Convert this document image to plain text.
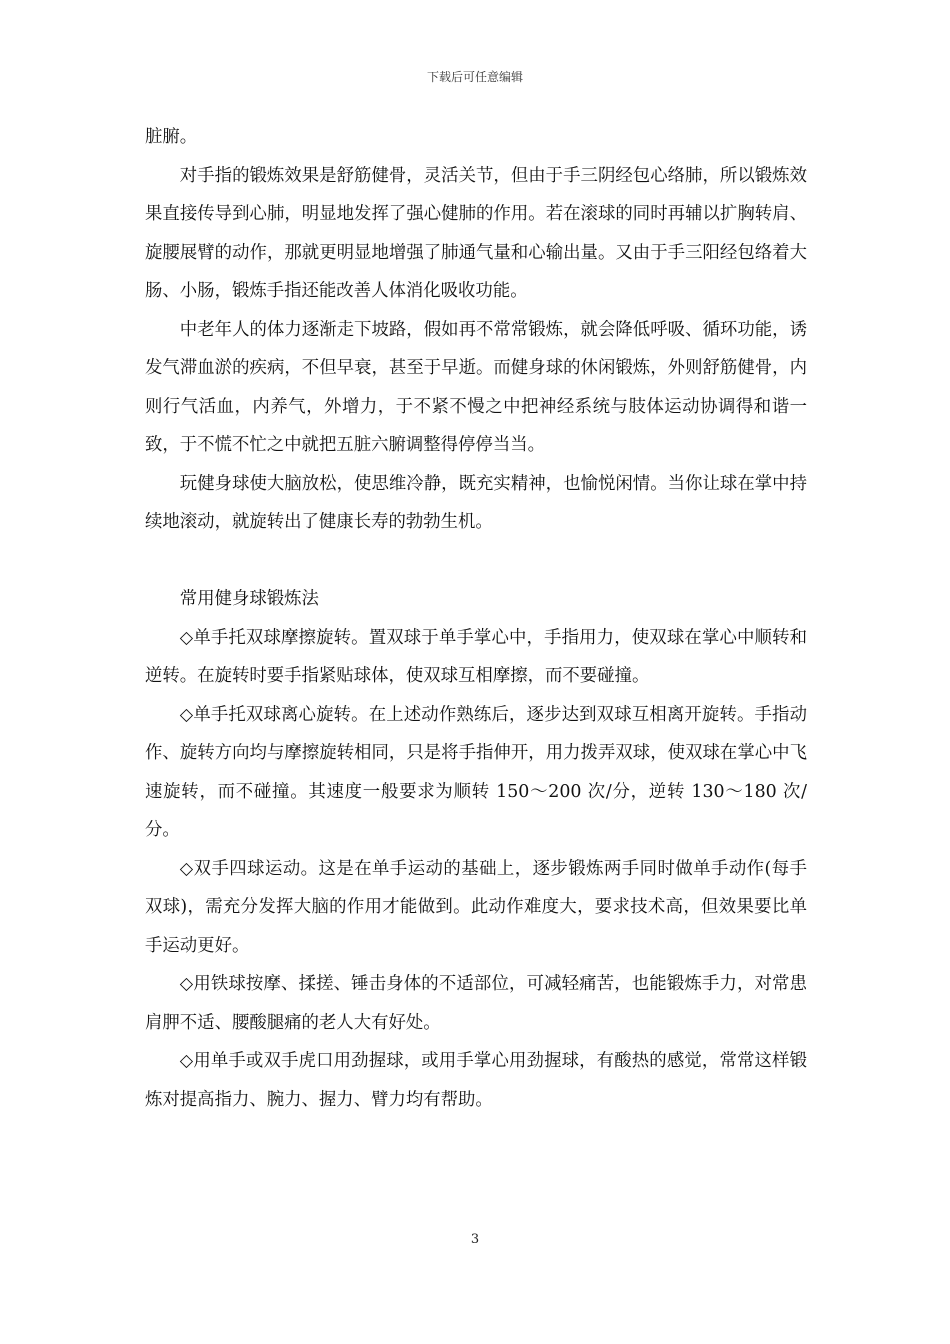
下载后可任意编辑

脏腑。

对手指的锻炼效果是舒筋健骨，灵活关节，但由于手三阴经包心络肺，所以锻炼效果直接传导到心肺，明显地发挥了强心健肺的作用。若在滚球的同时再辅以扩胸转肩、旋腰展臂的动作，那就更明显地增强了肺通气量和心输出量。又由于手三阳经包络着大肠、小肠，锻炼手指还能改善人体消化吸收功能。

中老年人的体力逐渐走下坡路，假如再不常常锻炼，就会降低呼吸、循环功能，诱发气滞血淤的疾病，不但早衰，甚至于早逝。而健身球的休闲锻炼，外则舒筋健骨，内则行气活血，内养气，外增力，于不紧不慢之中把神经系统与肢体运动协调得和谐一致，于不慌不忙之中就把五脏六腑调整得停停当当。

玩健身球使大脑放松，使思维冷静，既充实精神，也愉悦闲情。当你让球在掌中持续地滚动，就旋转出了健康长寿的勃勃生机。

常用健身球锻炼法

◇单手托双球摩擦旋转。置双球于单手掌心中，手指用力，使双球在掌心中顺转和逆转。在旋转时要手指紧贴球体，使双球互相摩擦，而不要碰撞。

◇单手托双球离心旋转。在上述动作熟练后，逐步达到双球互相离开旋转。手指动作、旋转方向均与摩擦旋转相同，只是将手指伸开，用力拨弄双球，使双球在掌心中飞速旋转，而不碰撞。其速度一般要求为顺转 150～200 次/分，逆转 130～180 次/分。

◇双手四球运动。这是在单手运动的基础上，逐步锻炼两手同时做单手动作(每手双球)，需充分发挥大脑的作用才能做到。此动作难度大，要求技术高，但效果要比单手运动更好。

◇用铁球按摩、揉搓、锤击身体的不适部位，可减轻痛苦，也能锻炼手力，对常患肩胛不适、腰酸腿痛的老人大有好处。

◇用单手或双手虎口用劲握球，或用手掌心用劲握球，有酸热的感觉，常常这样锻炼对提高指力、腕力、握力、臂力均有帮助。

3
